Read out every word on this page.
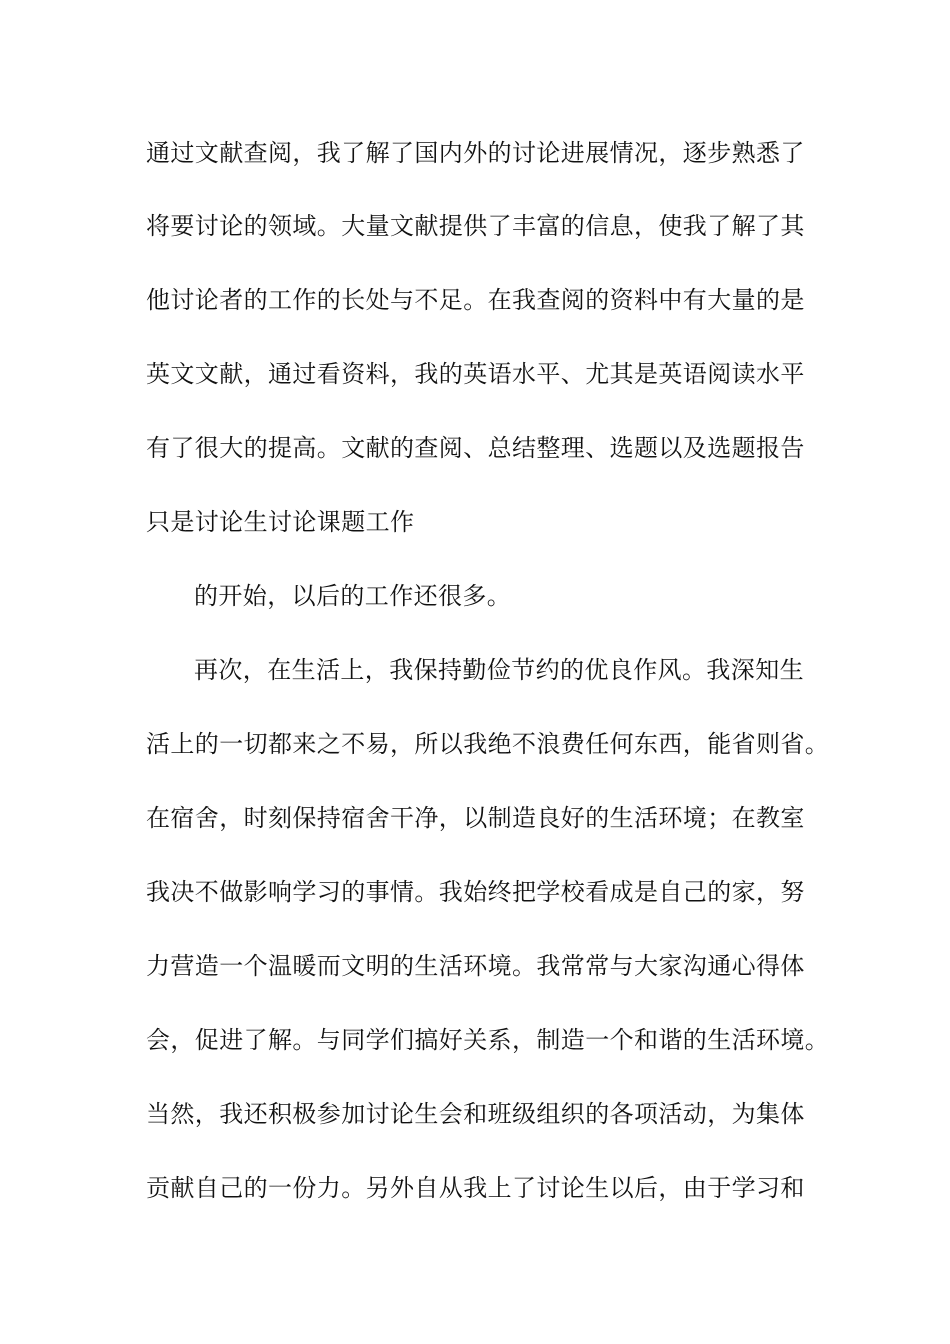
通过文献查阅，我了解了国内外的讨论进展情况，逐步熟悉了
将要讨论的领域。大量文献提供了丰富的信息，使我了解了其
他讨论者的工作的长处与不足。在我查阅的资料中有大量的是
英文文献，通过看资料，我的英语水平、尤其是英语阅读水平
有了很大的提高。文献的查阅、总结整理、选题以及选题报告
只是讨论生讨论课题工作
的开始，以后的工作还很多。
再次，在生活上，我保持勤俭节约的优良作风。我深知生
活上的一切都来之不易，所以我绝不浪费任何东西，能省则省。
在宿舍，时刻保持宿舍干净，以制造良好的生活环境；在教室
我决不做影响学习的事情。我始终把学校看成是自己的家，努
力营造一个温暖而文明的生活环境。我常常与大家沟通心得体
会，促进了解。与同学们搞好关系，制造一个和谐的生活环境。
当然，我还积极参加讨论生会和班级组织的各项活动，为集体
贡献自己的一份力。另外自从我上了讨论生以后，由于学习和
